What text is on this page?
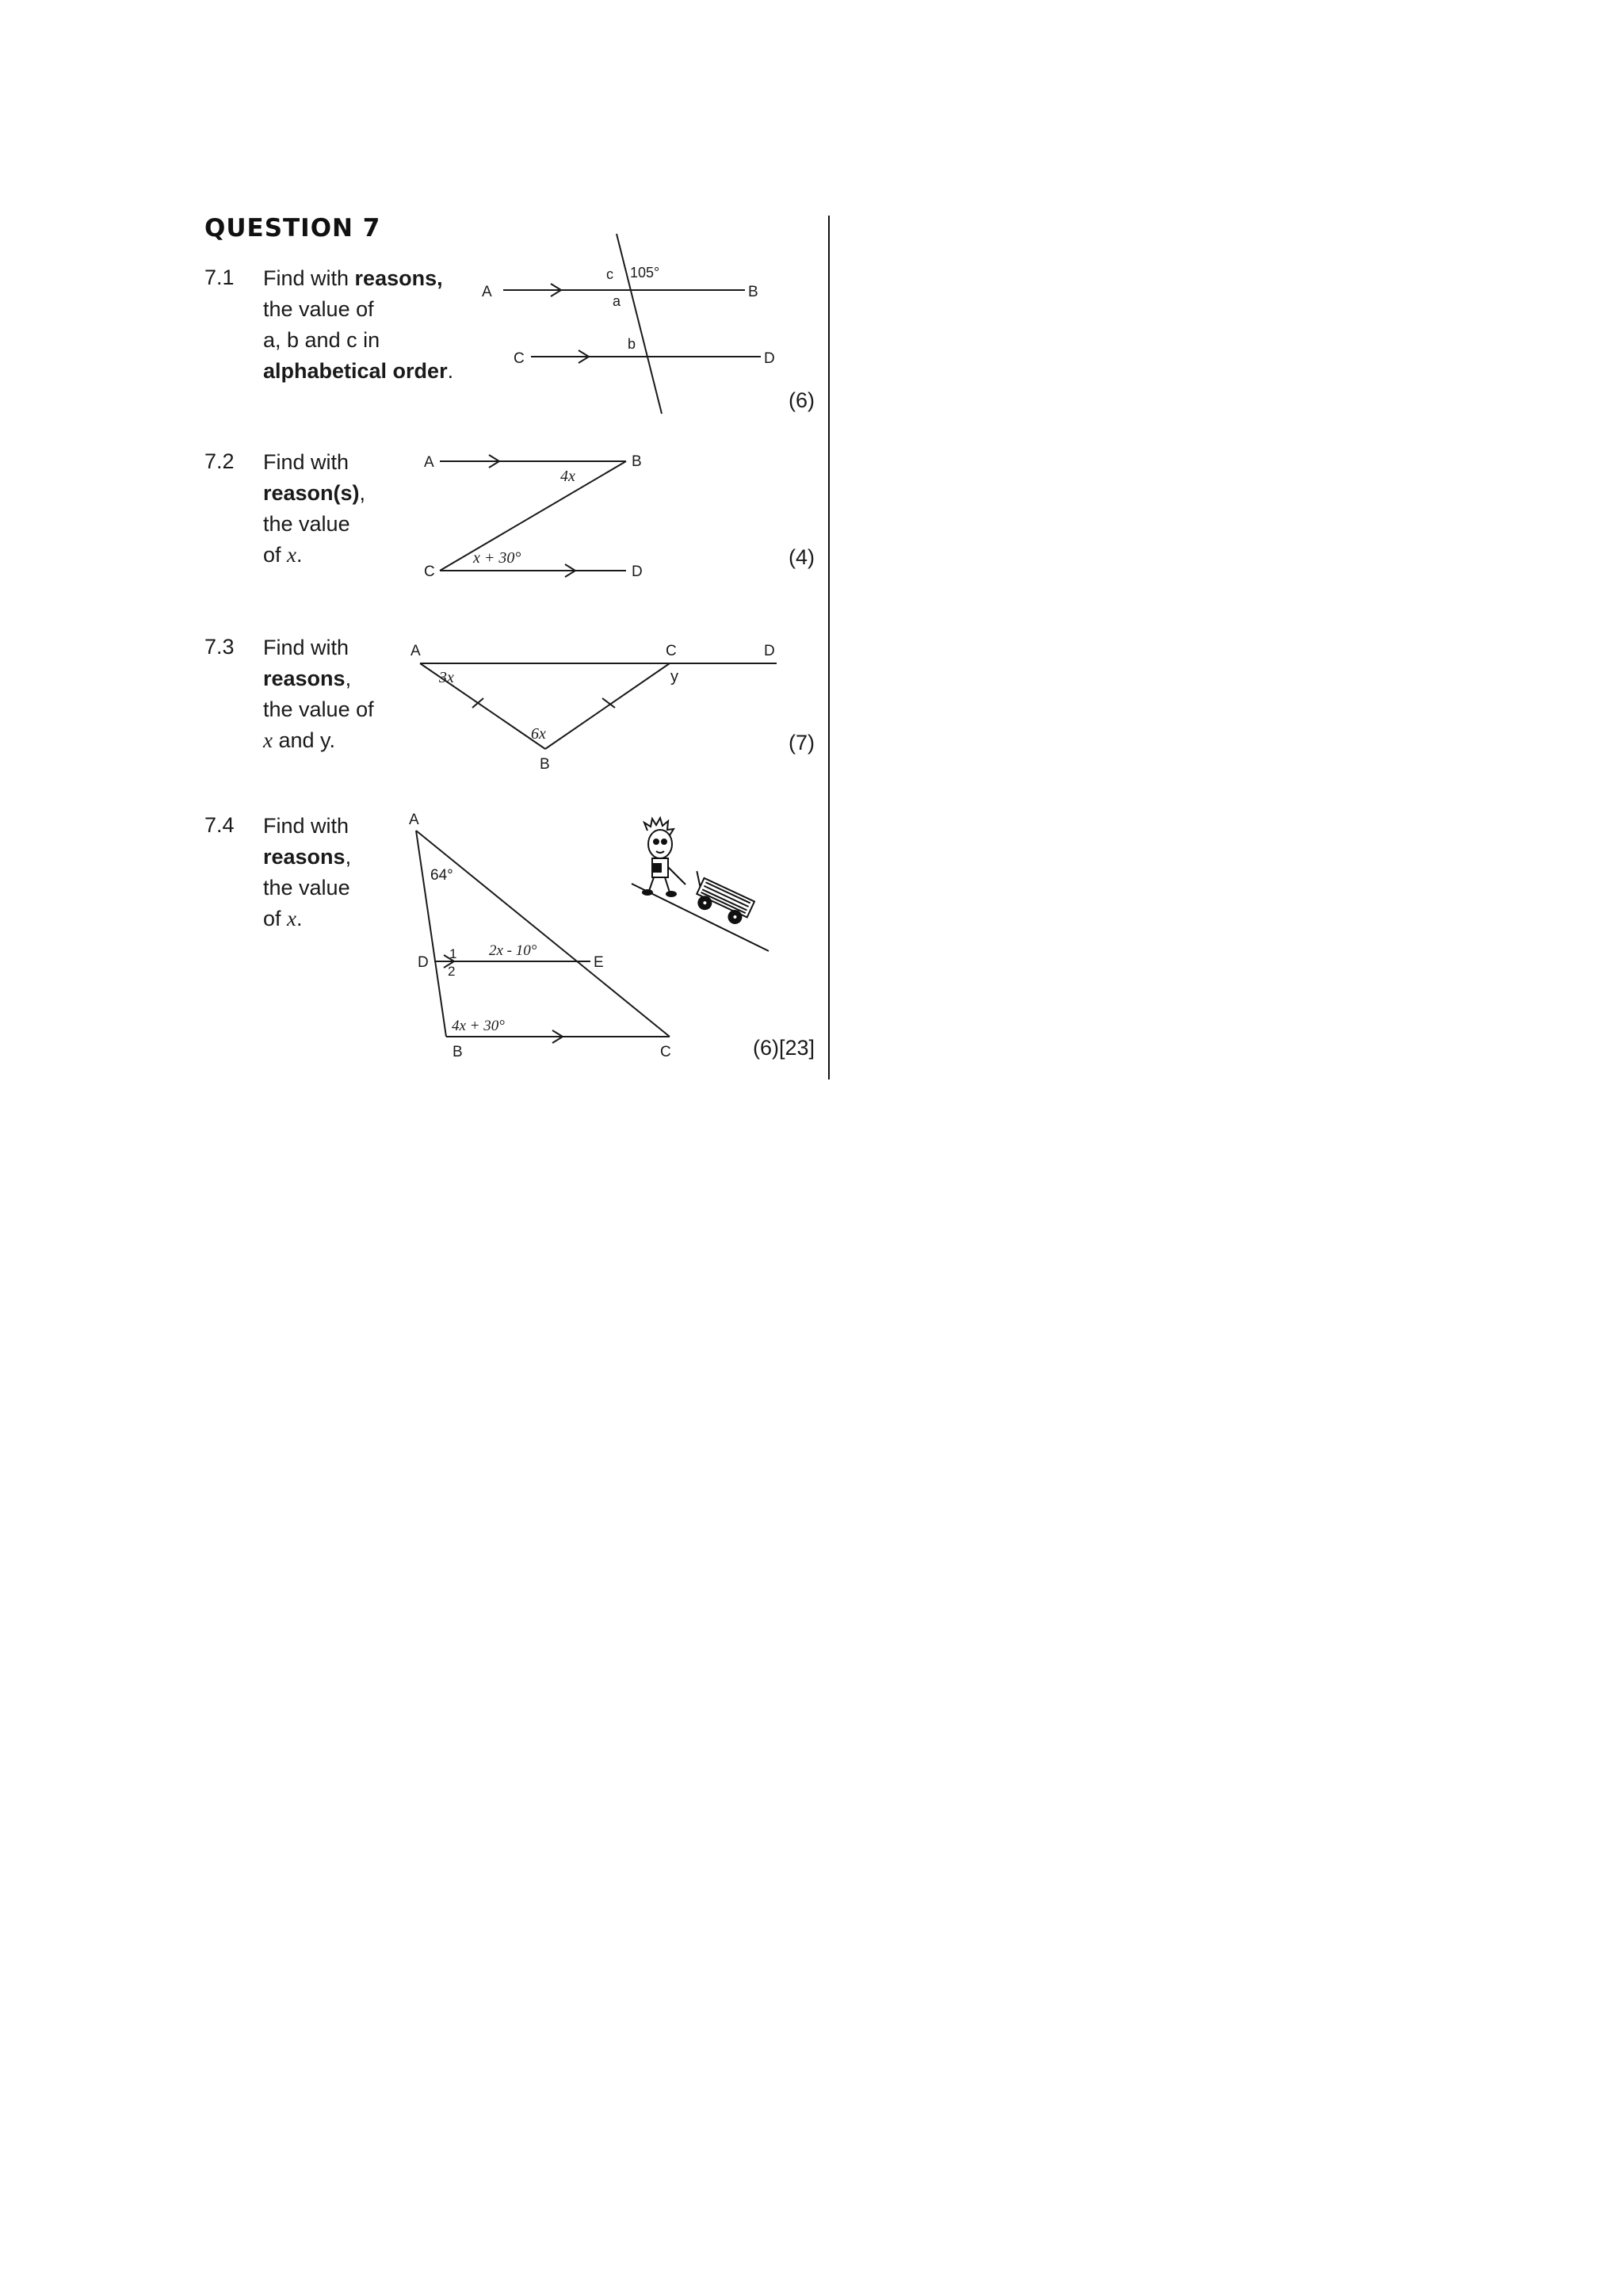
QUESTION 7
7.1 Find with reasons,
the value of
a, b and c in
alphabetical order.
(6)
A	B
C	D
c 105°
a
b
7.2 Find with
reason(s),
the value
of x.	(4)
A	B
C	D
4x
x + 30°
7.3 Find with
reasons,
the value of
x and y.	(7)
A	C	D
B
3x
6x
y
7.4 Find with
reasons,
the value
of x.
(6)[23]
A
D	E
B	C
64°
1
2
2x - 10°
4x + 30°
